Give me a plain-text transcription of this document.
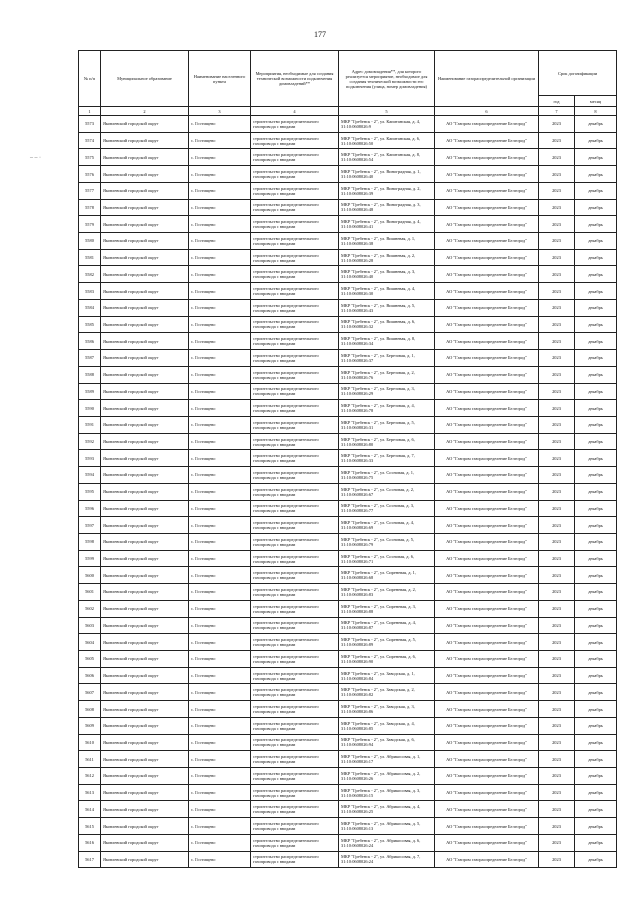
177
№ п/п	Муниципальное образование	Наименование населенного пункта	Мероприятия, необходимые для создания технической возможности подключения домовладений**	Адрес домовладения**, для которого реализуется мероприятие, необходимое для создания технической возможности его подключения (улица, номер домовладения)	Наименование газораспределительной организации	Срок догазификации	
						год	месяц
1	2	3	4	5	6	7	8
5573	Яковлевский городской округ	с. Гостищево	строительство распределительного газопровода с вводами	МКР "Гребенск - 2", ул. Капитанская, д. 4, 31:10:0608026:9	АО "Газпром газораспределение Белгород"	2023	декабрь
5574	Яковлевский городской округ	с. Гостищево	строительство распределительного газопровода с вводами	МКР "Гребенск - 2", ул. Капитанская, д. 6, 31:10:0608026:50	АО "Газпром газораспределение Белгород"	2023	декабрь
5575	Яковлевский городской округ	с. Гостищево	строительство распределительного газопровода с вводами	МКР "Гребенск - 2", ул. Капитанская, д. 8, 31:10:0608026:54	АО "Газпром газораспределение Белгород"	2023	декабрь
5576	Яковлевский городской округ	с. Гостищево	строительство распределительного газопровода с вводами	МКР "Гребенск - 2", ул. Виноградная, д. 1, 31:10:0608026:40	АО "Газпром газораспределение Белгород"	2023	декабрь
5577	Яковлевский городской округ	с. Гостищево	строительство распределительного газопровода с вводами	МКР "Гребенск - 2", ул. Виноградная, д. 2, 31:10:0608026:39	АО "Газпром газораспределение Белгород"	2023	декабрь
5578	Яковлевский городской округ	с. Гостищево	строительство распределительного газопровода с вводами	МКР "Гребенск - 2", ул. Виноградная, д. 3, 31:10:0608026:48	АО "Газпром газораспределение Белгород"	2023	декабрь
5579	Яковлевский городской округ	с. Гостищево	строительство распределительного газопровода с вводами	МКР "Гребенск - 2", ул. Виноградная, д. 4, 31:10:0608026:41	АО "Газпром газораспределение Белгород"	2023	декабрь
5580	Яковлевский городской округ	с. Гостищево	строительство распределительного газопровода с вводами	МКР "Гребенск - 2", ул. Вишневая, д. 1, 31:10:0608026:38	АО "Газпром газораспределение Белгород"	2023	декабрь
5581	Яковлевский городской округ	с. Гостищево	строительство распределительного газопровода с вводами	МКР "Гребенск - 2", ул. Вишневая, д. 2, 31:10:0608026:28	АО "Газпром газораспределение Белгород"	2023	декабрь
5582	Яковлевский городской округ	с. Гостищево	строительство распределительного газопровода с вводами	МКР "Гребенск - 2", ул. Вишневая, д. 3, 31:10:0608026:40	АО "Газпром газораспределение Белгород"	2023	декабрь
5583	Яковлевский городской округ	с. Гостищево	строительство распределительного газопровода с вводами	МКР "Гребенск - 2", ул. Вишневая, д. 4, 31:10:0608026:30	АО "Газпром газораспределение Белгород"	2023	декабрь
5584	Яковлевский городской округ	с. Гостищево	строительство распределительного газопровода с вводами	МКР "Гребенск - 2", ул. Вишневая, д. 5, 31:10:0608026:43	АО "Газпром газораспределение Белгород"	2023	декабрь
5585	Яковлевский городской округ	с. Гостищево	строительство распределительного газопровода с вводами	МКР "Гребенск - 2", ул. Вишневая, д. 6, 31:10:0608026:32	АО "Газпром газораспределение Белгород"	2023	декабрь
5586	Яковлевский городской округ	с. Гостищево	строительство распределительного газопровода с вводами	МКР "Гребенск - 2", ул. Вишневая, д. 8, 31:10:0608026:34	АО "Газпром газораспределение Белгород"	2023	декабрь
5587	Яковлевский городской округ	с. Гостищево	строительство распределительного газопровода с вводами	МКР "Гребенск - 2", ул. Березовая, д. 1, 31:10:0608026:37	АО "Газпром газораспределение Белгород"	2023	декабрь
5588	Яковлевский городской округ	с. Гостищево	строительство распределительного газопровода с вводами	МКР "Гребенск - 2", ул. Березовая, д. 2, 31:10:0608026:76	АО "Газпром газораспределение Белгород"	2023	декабрь
5589	Яковлевский городской округ	с. Гостищево	строительство распределительного газопровода с вводами	МКР "Гребенск - 2", ул. Березовая, д. 3, 31:10:0608026:29	АО "Газпром газораспределение Белгород"	2023	декабрь
5590	Яковлевский городской округ	с. Гостищево	строительство распределительного газопровода с вводами	МКР "Гребенск - 2", ул. Березовая, д. 4, 31:10:0608026:78	АО "Газпром газораспределение Белгород"	2023	декабрь
5591	Яковлевский городской округ	с. Гостищево	строительство распределительного газопровода с вводами	МКР "Гребенск - 2", ул. Березовая, д. 5, 31:10:0608026:31	АО "Газпром газораспределение Белгород"	2023	декабрь
5592	Яковлевский городской округ	с. Гостищево	строительство распределительного газопровода с вводами	МКР "Гребенск - 2", ул. Березовая, д. 6, 31:10:0608026:80	АО "Газпром газораспределение Белгород"	2023	декабрь
5593	Яковлевский городской округ	с. Гостищево	строительство распределительного газопровода с вводами	МКР "Гребенск - 2", ул. Березовая, д. 7, 31:10:0608026:33	АО "Газпром газораспределение Белгород"	2023	декабрь
5594	Яковлевский городской округ	с. Гостищево	строительство распределительного газопровода с вводами	МКР "Гребенск - 2", ул. Сосновая, д. 1, 31:10:0608026:75	АО "Газпром газораспределение Белгород"	2023	декабрь
5595	Яковлевский городской округ	с. Гостищево	строительство распределительного газопровода с вводами	МКР "Гребенск - 2", ул. Сосновая, д. 2, 31:10:0608026:67	АО "Газпром газораспределение Белгород"	2023	декабрь
5596	Яковлевский городской округ	с. Гостищево	строительство распределительного газопровода с вводами	МКР "Гребенск - 2", ул. Сосновая, д. 3, 31:10:0608026:77	АО "Газпром газораспределение Белгород"	2023	декабрь
5597	Яковлевский городской округ	с. Гостищево	строительство распределительного газопровода с вводами	МКР "Гребенск - 2", ул. Сосновая, д. 4, 31:10:0608026:69	АО "Газпром газораспределение Белгород"	2023	декабрь
5598	Яковлевский городской округ	с. Гостищево	строительство распределительного газопровода с вводами	МКР "Гребенск - 2", ул. Сосновая, д. 5, 31:10:0608026:79	АО "Газпром газораспределение Белгород"	2023	декабрь
5599	Яковлевский городской округ	с. Гостищево	строительство распределительного газопровода с вводами	МКР "Гребенск - 2", ул. Сосновая, д. 6, 31:10:0608026:71	АО "Газпром газораспределение Белгород"	2023	декабрь
5600	Яковлевский городской округ	с. Гостищево	строительство распределительного газопровода с вводами	МКР "Гребенск - 2", ул. Сиреневая, д. 1, 31:10:0608026:68	АО "Газпром газораспределение Белгород"	2023	декабрь
5601	Яковлевский городской округ	с. Гостищево	строительство распределительного газопровода с вводами	МКР "Гребенск - 2", ул. Сиреневая, д. 2, 31:10:0608026:83	АО "Газпром газораспределение Белгород"	2023	декабрь
5602	Яковлевский городской округ	с. Гостищево	строительство распределительного газопровода с вводами	МКР "Гребенск - 2", ул. Сиреневая, д. 3, 31:10:0608026:88	АО "Газпром газораспределение Белгород"	2023	декабрь
5603	Яковлевский городской округ	с. Гостищево	строительство распределительного газопровода с вводами	МКР "Гребенск - 2", ул. Сиреневая, д. 4, 31:10:0608026:87	АО "Газпром газораспределение Белгород"	2023	декабрь
5604	Яковлевский городской округ	с. Гостищево	строительство распределительного газопровода с вводами	МКР "Гребенск - 2", ул. Сиреневая, д. 5, 31:10:0608026:89	АО "Газпром газораспределение Белгород"	2023	декабрь
5605	Яковлевский городской округ	с. Гостищево	строительство распределительного газопровода с вводами	МКР "Гребенск - 2", ул. Сиреневая, д. 6, 31:10:0608026:90	АО "Газпром газораспределение Белгород"	2023	декабрь
5606	Яковлевский городской округ	с. Гостищево	строительство распределительного газопровода с вводами	МКР "Гребенск - 2", ул. Заводская, д. 1, 31:10:0608026:84	АО "Газпром газораспределение Белгород"	2023	декабрь
5607	Яковлевский городской округ	с. Гостищево	строительство распределительного газопровода с вводами	МКР "Гребенск - 2", ул. Заводская, д. 2, 31:10:0608026:82	АО "Газпром газораспределение Белгород"	2023	декабрь
5608	Яковлевский городской округ	с. Гостищево	строительство распределительного газопровода с вводами	МКР "Гребенск - 2", ул. Заводская, д. 3, 31:10:0608026:86	АО "Газпром газораспределение Белгород"	2023	декабрь
5609	Яковлевский городской округ	с. Гостищево	строительство распределительного газопровода с вводами	МКР "Гребенск - 2", ул. Заводская, д. 4, 31:10:0608026:85	АО "Газпром газораспределение Белгород"	2023	декабрь
5610	Яковлевский городской округ	с. Гостищево	строительство распределительного газопровода с вводами	МКР "Гребенск - 2", ул. Заводская, д. 6, 31:10:0608026:94	АО "Газпром газораспределение Белгород"	2023	декабрь
5611	Яковлевский городской округ	с. Гостищево	строительство распределительного газопровода с вводами	МКР "Гребенск - 2", ул. Абрикосовая, д. 1, 31:10:0608026:17	АО "Газпром газораспределение Белгород"	2023	декабрь
5612	Яковлевский городской округ	с. Гостищево	строительство распределительного газопровода с вводами	МКР "Гребенск - 2", ул. Абрикосовая, д. 2, 31:10:0608026:26	АО "Газпром газораспределение Белгород"	2023	декабрь
5613	Яковлевский городской округ	с. Гостищево	строительство распределительного газопровода с вводами	МКР "Гребенск - 2", ул. Абрикосовая, д. 3, 31:10:0608026:15	АО "Газпром газораспределение Белгород"	2023	декабрь
5614	Яковлевский городской округ	с. Гостищево	строительство распределительного газопровода с вводами	МКР "Гребенск - 2", ул. Абрикосовая, д. 4, 31:10:0608026:25	АО "Газпром газораспределение Белгород"	2023	декабрь
5615	Яковлевский городской округ	с. Гостищево	строительство распределительного газопровода с вводами	МКР "Гребенск - 2", ул. Абрикосовая, д. 5, 31:10:0608026:13	АО "Газпром газораспределение Белгород"	2023	декабрь
5616	Яковлевский городской округ	с. Гостищево	строительство распределительного газопровода с вводами	МКР "Гребенск - 2", ул. Абрикосовая, д. 6, 31:10:0608026:24	АО "Газпром газораспределение Белгород"	2023	декабрь
5617	Яковлевский городской округ	с. Гостищево	строительство распределительного газопровода с вводами	МКР "Гребенск - 2", ул. Абрикосовая, д. 7, 31:10:0608026:24	АО "Газпром газораспределение Белгород"	2023	декабрь
‒ ‒ ·
